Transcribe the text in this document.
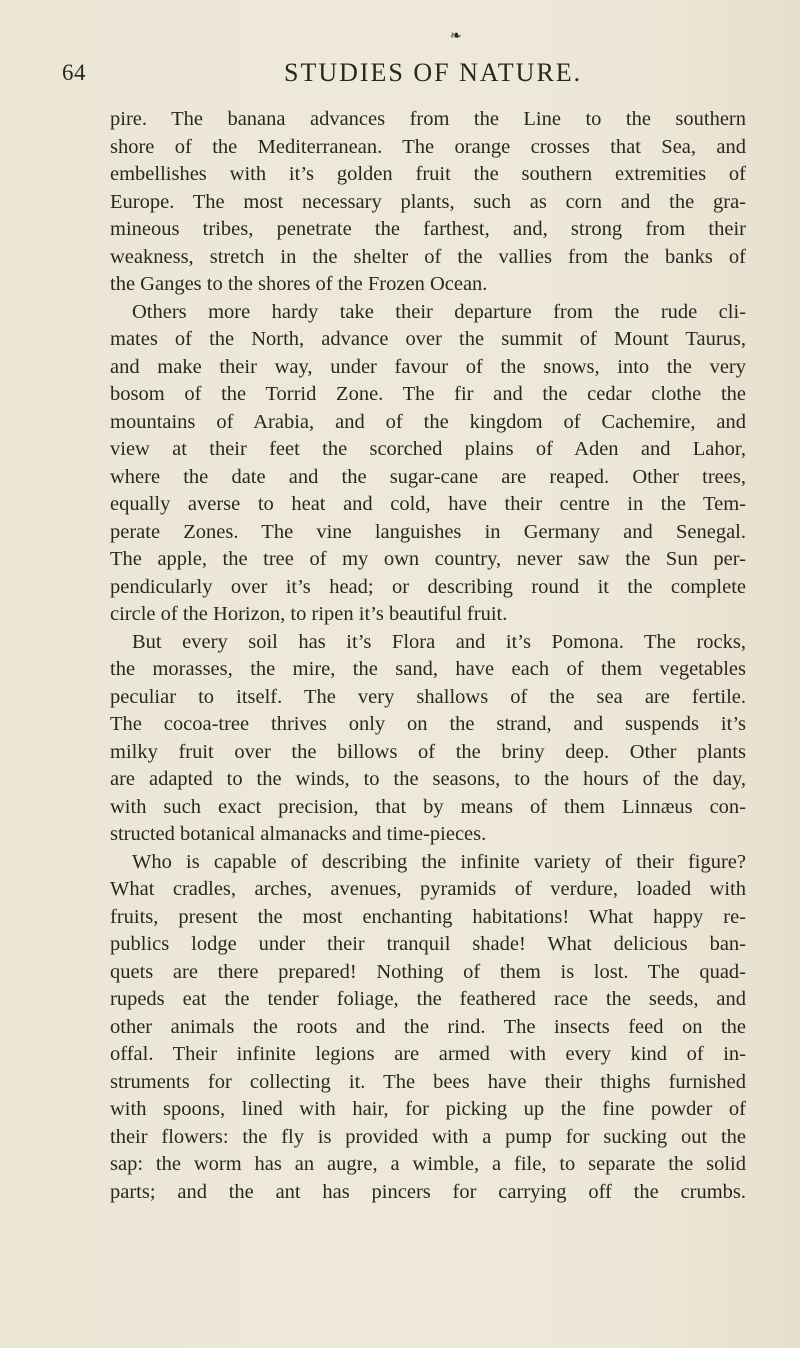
❧
64	STUDIES OF NATURE.
pire. The banana advances from the Line to the southern
shore of the Mediterranean. The orange crosses that Sea, and
embellishes with it’s golden fruit the southern extremities of
Europe. The most necessary plants, such as corn and the gra-
mineous tribes, penetrate the farthest, and, strong from their
weakness, stretch in the shelter of the vallies from the banks of
the Ganges to the shores of the Frozen Ocean.
Others more hardy take their departure from the rude cli-
mates of the North, advance over the summit of Mount Taurus,
and make their way, under favour of the snows, into the very
bosom of the Torrid Zone. The fir and the cedar clothe the
mountains of Arabia, and of the kingdom of Cachemire, and
view at their feet the scorched plains of Aden and Lahor,
where the date and the sugar-cane are reaped. Other trees,
equally averse to heat and cold, have their centre in the Tem-
perate Zones. The vine languishes in Germany and Senegal.
The apple, the tree of my own country, never saw the Sun per-
pendicularly over it’s head; or describing round it the complete
circle of the Horizon, to ripen it’s beautiful fruit.
But every soil has it’s Flora and it’s Pomona. The rocks,
the morasses, the mire, the sand, have each of them vegetables
peculiar to itself. The very shallows of the sea are fertile.
The cocoa-tree thrives only on the strand, and suspends it’s
milky fruit over the billows of the briny deep. Other plants
are adapted to the winds, to the seasons, to the hours of the day,
with such exact precision, that by means of them Linnæus con-
structed botanical almanacks and time-pieces.
Who is capable of describing the infinite variety of their figure?
What cradles, arches, avenues, pyramids of verdure, loaded with
fruits, present the most enchanting habitations! What happy re-
publics lodge under their tranquil shade! What delicious ban-
quets are there prepared! Nothing of them is lost. The quad-
rupeds eat the tender foliage, the feathered race the seeds, and
other animals the roots and the rind. The insects feed on the
offal. Their infinite legions are armed with every kind of in-
struments for collecting it. The bees have their thighs furnished
with spoons, lined with hair, for picking up the fine powder of
their flowers: the fly is provided with a pump for sucking out the
sap: the worm has an augre, a wimble, a file, to separate the solid
parts; and the ant has pincers for carrying off the crumbs.
